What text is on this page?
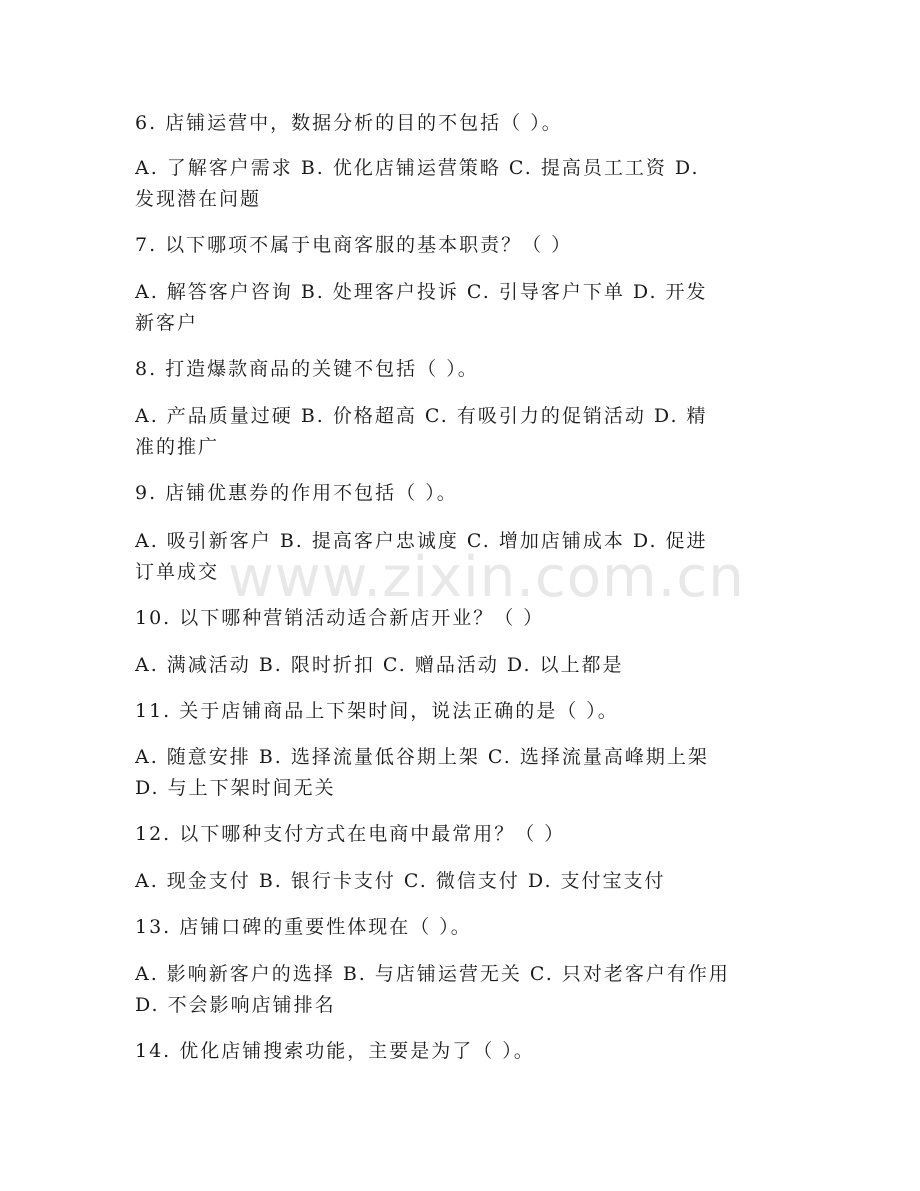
www.zixin.com.cn
6. 店铺运营中，数据分析的目的不包括（ ）。
A. 了解客户需求 B. 优化店铺运营策略 C. 提高员工工资 D.
发现潜在问题
7. 以下哪项不属于电商客服的基本职责？（ ）
A. 解答客户咨询 B. 处理客户投诉 C. 引导客户下单 D. 开发
新客户
8. 打造爆款商品的关键不包括（ ）。
A. 产品质量过硬 B. 价格超高 C. 有吸引力的促销活动 D. 精
准的推广
9. 店铺优惠券的作用不包括（ ）。
A. 吸引新客户 B. 提高客户忠诚度 C. 增加店铺成本 D. 促进
订单成交
10. 以下哪种营销活动适合新店开业？（ ）
A. 满减活动 B. 限时折扣 C. 赠品活动 D. 以上都是
11. 关于店铺商品上下架时间，说法正确的是（ ）。
A. 随意安排 B. 选择流量低谷期上架 C. 选择流量高峰期上架
D. 与上下架时间无关
12. 以下哪种支付方式在电商中最常用？（ ）
A. 现金支付 B. 银行卡支付 C. 微信支付 D. 支付宝支付
13. 店铺口碑的重要性体现在（ ）。
A. 影响新客户的选择 B. 与店铺运营无关 C. 只对老客户有作用
D. 不会影响店铺排名
14. 优化店铺搜索功能，主要是为了（ ）。
